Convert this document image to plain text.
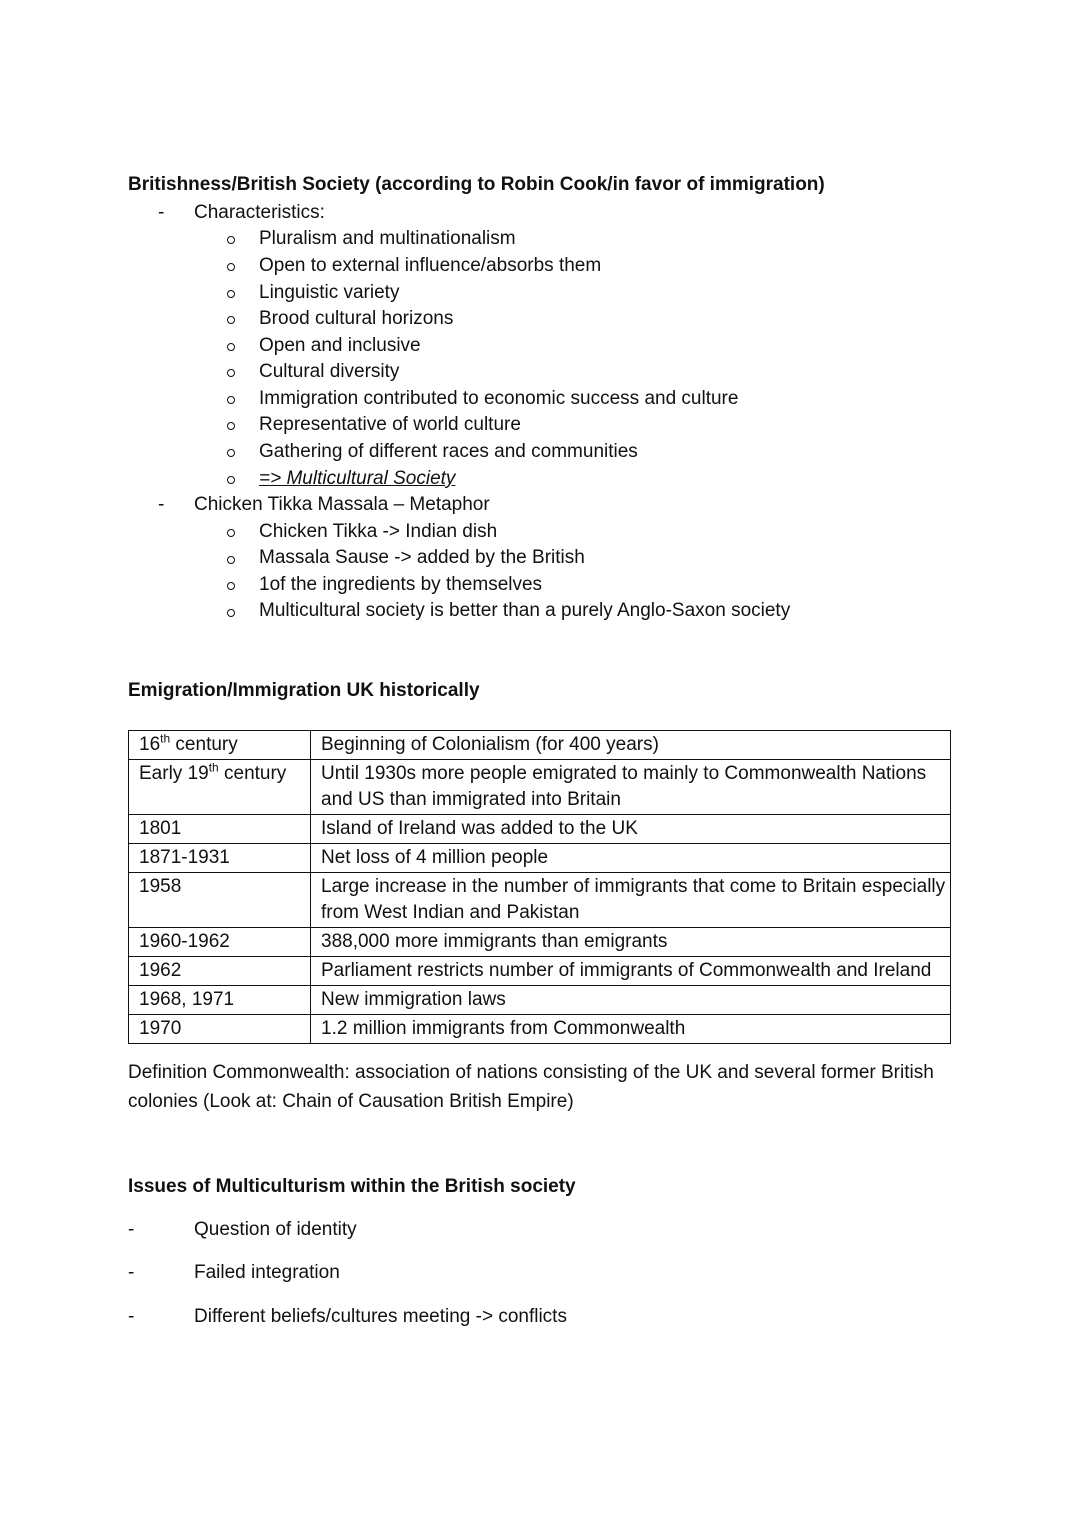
Britishness/British Society (according to Robin Cook/in favor of immigration)
- Characteristics:
Pluralism and multinationalism
Open to external influence/absorbs them
Linguistic variety
Brood cultural horizons
Open and inclusive
Cultural diversity
Immigration contributed to economic success and culture
Representative of world culture
Gathering of different races and communities
=> Multicultural Society
- Chicken Tikka Massala – Metaphor
Chicken Tikka -> Indian dish
Massala Sause -> added by the British
1of the ingredients by themselves
Multicultural society is better than a purely Anglo-Saxon society
Emigration/Immigration UK historically
16th century	Beginning of Colonialism (for 400 years)
Early 19th century	Until 1930s more people emigrated to mainly to Commonwealth Nations and US than immigrated into Britain
1801	Island of Ireland was added to the UK
1871-1931	Net loss of 4 million people
1958	Large increase in the number of immigrants that come to Britain especially from West Indian and Pakistan
1960-1962	388,000 more immigrants than emigrants
1962	Parliament restricts number of immigrants of Commonwealth and Ireland
1968, 1971	New immigration laws
1970	1.2 million immigrants from Commonwealth
Definition Commonwealth: association of nations consisting of the UK and several former British colonies (Look at: Chain of Causation British Empire)
Issues of Multiculturism within the British society
-	Question of identity
-	Failed integration
-	Different beliefs/cultures meeting -> conflicts
